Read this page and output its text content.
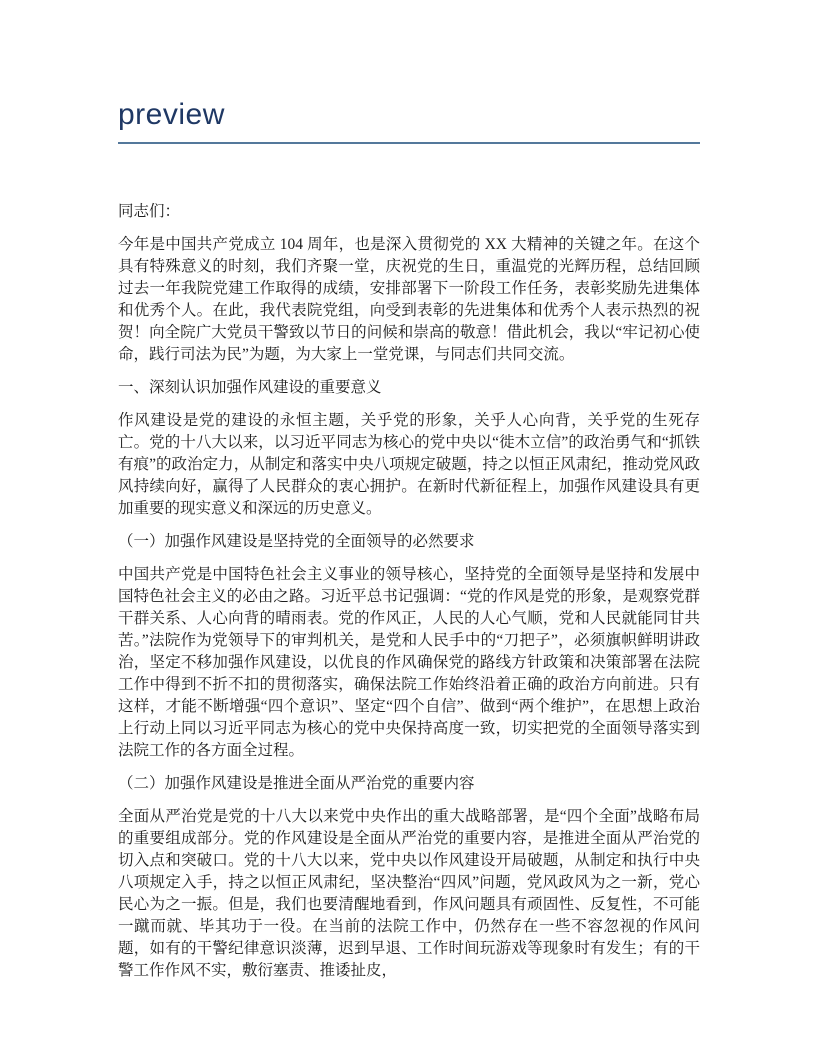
preview

同志们：

今年是中国共产党成立 104 周年，也是深入贯彻党的 XX 大精神的关键之年。在这个具有特殊意义的时刻，我们齐聚一堂，庆祝党的生日，重温党的光辉历程，总结回顾过去一年我院党建工作取得的成绩，安排部署下一阶段工作任务，表彰奖励先进集体和优秀个人。在此，我代表院党组，向受到表彰的先进集体和优秀个人表示热烈的祝贺！向全院广大党员干警致以节日的问候和崇高的敬意！借此机会，我以“牢记初心使命，践行司法为民”为题，为大家上一堂党课，与同志们共同交流。

一、深刻认识加强作风建设的重要意义

作风建设是党的建设的永恒主题，关乎党的形象，关乎人心向背，关乎党的生死存亡。党的十八大以来，以习近平同志为核心的党中央以“徙木立信”的政治勇气和“抓铁有痕”的政治定力，从制定和落实中央八项规定破题，持之以恒正风肃纪，推动党风政风持续向好，赢得了人民群众的衷心拥护。在新时代新征程上，加强作风建设具有更加重要的现实意义和深远的历史意义。

（一）加强作风建设是坚持党的全面领导的必然要求

中国共产党是中国特色社会主义事业的领导核心，坚持党的全面领导是坚持和发展中国特色社会主义的必由之路。习近平总书记强调：“党的作风是党的形象，是观察党群干群关系、人心向背的晴雨表。党的作风正，人民的人心气顺，党和人民就能同甘共苦。”法院作为党领导下的审判机关，是党和人民手中的“刀把子”，必须旗帜鲜明讲政治，坚定不移加强作风建设，以优良的作风确保党的路线方针政策和决策部署在法院工作中得到不折不扣的贯彻落实，确保法院工作始终沿着正确的政治方向前进。只有这样，才能不断增强“四个意识”、坚定“四个自信”、做到“两个维护”，在思想上政治上行动上同以习近平同志为核心的党中央保持高度一致，切实把党的全面领导落实到法院工作的各方面全过程。

（二）加强作风建设是推进全面从严治党的重要内容

全面从严治党是党的十八大以来党中央作出的重大战略部署，是“四个全面”战略布局的重要组成部分。党的作风建设是全面从严治党的重要内容，是推进全面从严治党的切入点和突破口。党的十八大以来，党中央以作风建设开局破题，从制定和执行中央八项规定入手，持之以恒正风肃纪，坚决整治“四风”问题，党风政风为之一新，党心民心为之一振。但是，我们也要清醒地看到，作风问题具有顽固性、反复性，不可能一蹴而就、毕其功于一役。在当前的法院工作中，仍然存在一些不容忽视的作风问题，如有的干警纪律意识淡薄，迟到早退、工作时间玩游戏等现象时有发生；有的干警工作作风不实，敷衍塞责、推诿扯皮，
